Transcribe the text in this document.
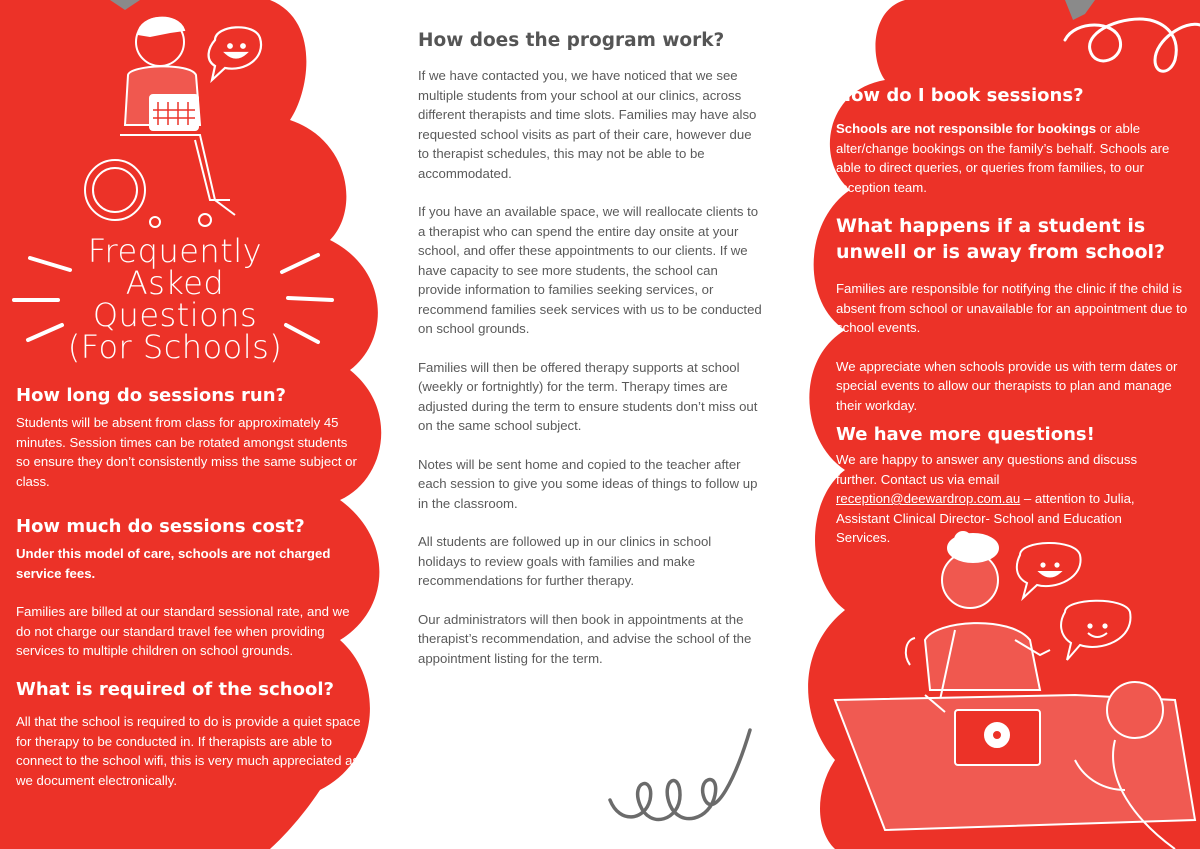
Frequently
Asked
Questions
(For Schools)
How long do sessions run?

Students will be absent from class for approximately 45 minutes. Session times can be rotated amongst students so ensure they don’t consistently miss the same subject or class.

How much do sessions cost?

Under this model of care, schools are not charged service fees.

Families are billed at our standard sessional rate, and we do not charge our standard travel fee when providing services to multiple children on school grounds.

What is required of the school?

All that the school is required to do is provide a quiet space for therapy to be conducted in. If therapists are able to connect to the school wifi, this is very much appreciated as we document electronically.

How does the program work?

If we have contacted you, we have noticed that we see multiple students from your school at our clinics, across different therapists and time slots. Families may have also requested school visits as part of their care, however due to therapist schedules, this may not be able to be accommodated.

If you have an available space, we will reallocate clients to a therapist who can spend the entire day onsite at your school, and offer these appointments to our clients. If we have capacity to see more students, the school can provide information to families seeking services, or recommend families seek services with us to be conducted on school grounds.

Families will then be offered therapy supports at school (weekly or fortnightly) for the term. Therapy times are adjusted during the term to ensure students don’t miss out on the same school subject.

Notes will be sent home and copied to the teacher after each session to give you some ideas of things to follow up in the classroom.

All students are followed up in our clinics in school holidays to review goals with families and make recommendations for further therapy.

Our administrators will then book in appointments at the therapist’s recommendation, and advise the school of the appointment listing for the term.

How do I book sessions?

Schools are not responsible for bookings or able alter/change bookings on the family’s behalf. Schools are able to direct queries, or queries from families, to our reception team.

What happens if a student is
unwell or is away from school?

Families are responsible for notifying the clinic if the child is absent from school or unavailable for an appointment due to school events.

We appreciate when schools provide us with term dates or special events to allow our therapists to plan and manage their workday.

We have more questions!

We are happy to answer any questions and discuss further. Contact us via email reception@deewardrop.com.au – attention to Julia, Assistant Clinical Director- School and Education Services.
